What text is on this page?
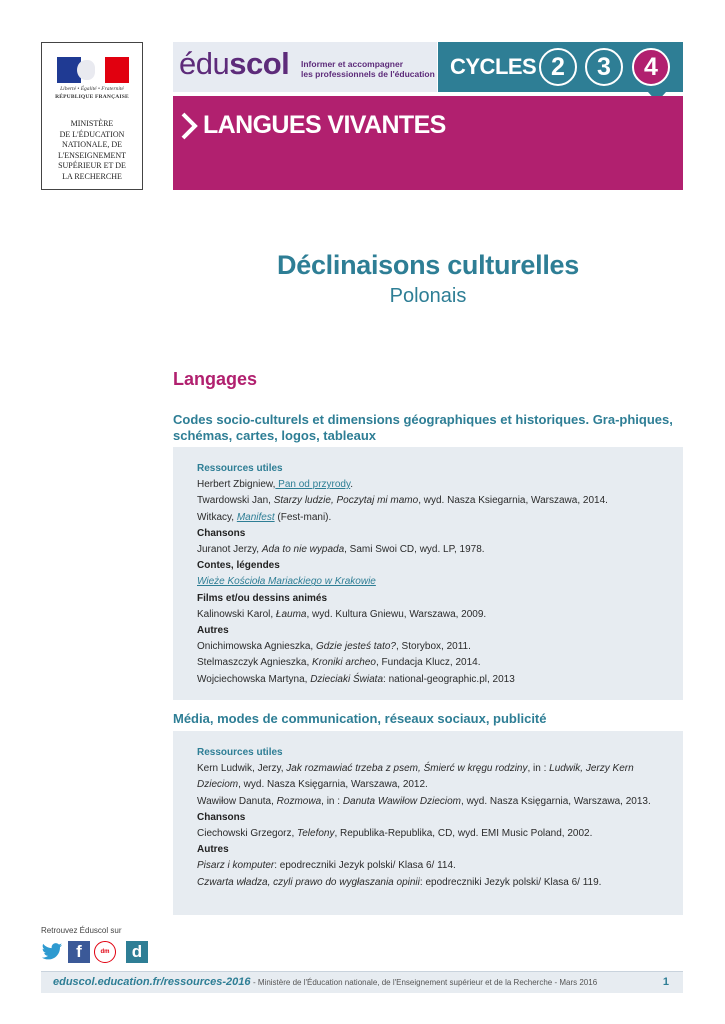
Liberté • Égalité • Fraternité
RÉPUBLIQUE FRANÇAISE
MINISTÈRE
DE L'ÉDUCATION
NATIONALE, DE
L'ENSEIGNEMENT
SUPÉRIEUR ET DE
LA RECHERCHE
éduscol Informer et accompagner
les professionnels de l'éducation CYCLES 2	3	4
LANGUES VIVANTES
Déclinaisons culturelles
Polonais
Langages
Codes socio-culturels et dimensions géographiques et historiques. Gra-phiques, schémas, cartes, logos, tableaux
Ressources utiles
Herbert Zbigniew, Pan od przyrody.
Twardowski Jan, Starzy ludzie, Poczytaj mi mamo, wyd. Nasza Ksiegarnia, Warszawa, 2014.
Witkacy, Manifest (Fest-mani).
Chansons
Juranot Jerzy, Ada to nie wypada, Sami Swoi CD, wyd. LP, 1978.
Contes, légendes
Wieże Kościoła Mariackiego w Krakowie
Films et/ou dessins animés
Kalinowski Karol, Łauma, wyd. Kultura Gniewu, Warszawa, 2009.
Autres
Onichimowska Agnieszka, Gdzie jesteś tato?, Storybox, 2011.
Stelmaszczyk Agnieszka, Kroniki archeo, Fundacja Klucz, 2014.
Wojciechowska Martyna, Dzieciaki Świata: national-geographic.pl, 2013
Média, modes de communication, réseaux sociaux, publicité
Ressources utiles
Kern Ludwik, Jerzy, Jak rozmawiać trzeba z psem, Śmierć w kręgu rodziny, in : Ludwik, Jerzy Kern Dzieciom, wyd. Nasza Księgarnia, Warszawa, 2012.
Wawiłow Danuta, Rozmowa, in : Danuta Wawiłow Dzieciom, wyd. Nasza Księgarnia, Warszawa, 2013.
Chansons
Ciechowski Grzegorz, Telefony, Republika-Republika, CD, wyd. EMI Music Poland, 2002.
Autres
Pisarz i komputer: epodreczniki Jezyk polski/ Klasa 6/ 114.
Czwarta władza, czyli prawo do wygłaszania opinii: epodreczniki Jezyk polski/ Klasa 6/ 119.
Retrouvez Éduscol sur
f	dm	d
eduscol.education.fr/ressources-2016 - Ministère de l'Éducation nationale, de l'Enseignement supérieur et de la Recherche - Mars 2016	1
